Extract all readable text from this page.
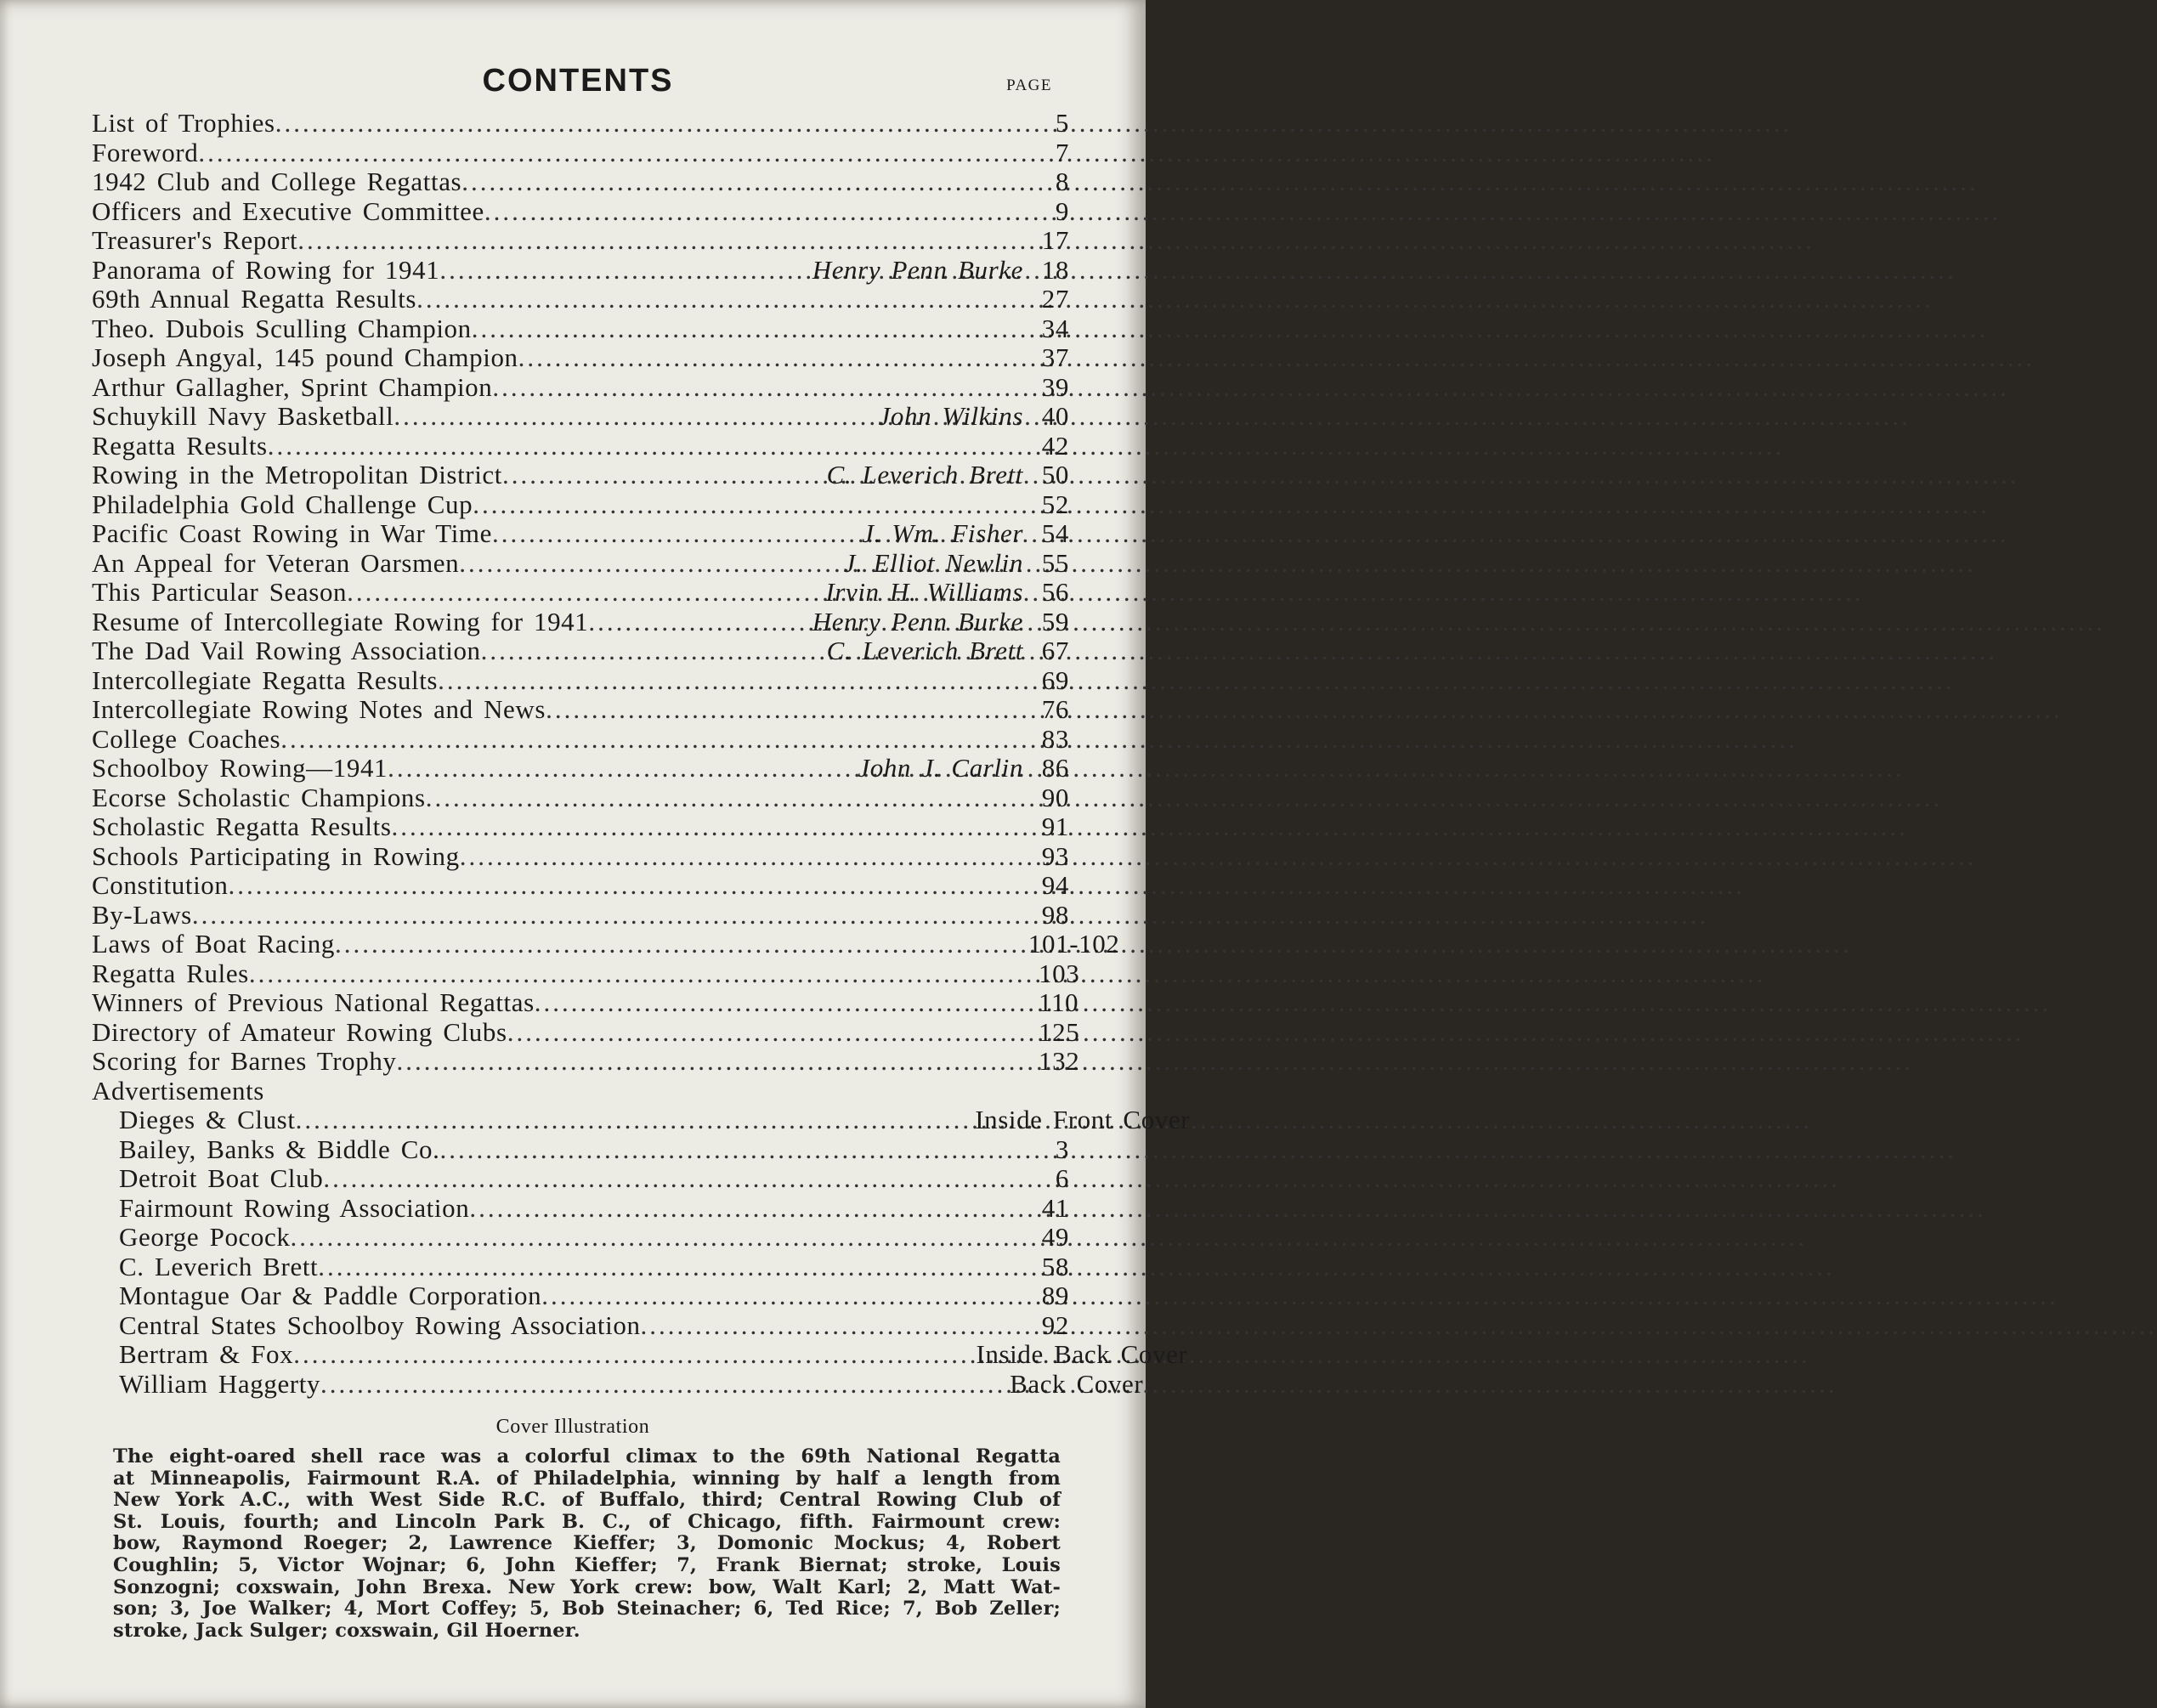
CONTENTS	PAGE
List of Trophies .....	5
Foreword .....	7
1942 Club and College Regattas .....	8
Officers and Executive Committee .....	9
Treasurer's Report .....	17
Panorama of Rowing for 1941 .....	Henry Penn Burke 18
69th Annual Regatta Results .....	27
Theo. Dubois Sculling Champion .....	34
Joseph Angyal, 145 pound Champion .....	37
Arthur Gallagher, Sprint Champion .....	39
Schuykill Navy Basketball .....	John Wilkins 40
Regatta Results .....	42
Rowing in the Metropolitan District .....	C. Leverich Brett 50
Philadelphia Gold Challenge Cup .....	52
Pacific Coast Rowing in War Time .....	J. Wm. Fisher 54
An Appeal for Veteran Oarsmen .....	J. Elliot Newlin 55
This Particular Season .....	Irvin H. Williams 56
Resume of Intercollegiate Rowing for 1941 .....	Henry Penn Burke 59
The Dad Vail Rowing Association .....	C. Leverich Brett 67
Intercollegiate Regatta Results .....	69
Intercollegiate Rowing Notes and News .....	76
College Coaches .....	83
Schoolboy Rowing—1941 .....	John J. Carlin 86
Ecorse Scholastic Champions .....	90
Scholastic Regatta Results .....	91
Schools Participating in Rowing .....	93
Constitution .....	94
By-Laws .....	98
Laws of Boat Racing .....	101-102
Regatta Rules .....	103
Winners of Previous National Regattas .....	110
Directory of Amateur Rowing Clubs .....	125
Scoring for Barnes Trophy .....	132
Advertisements
Dieges & Clust .....	Inside Front Cover
Bailey, Banks & Biddle Co. .....	3
Detroit Boat Club .....	6
Fairmount Rowing Association .....	41
George Pocock .....	49
C. Leverich Brett .....	58
Montague Oar & Paddle Corporation .....	89
Central States Schoolboy Rowing Association .....	92
Bertram & Fox .....	Inside Back Cover
William Haggerty .....	Back Cover
Cover Illustration
The eight-oared shell race was a colorful climax to the 69th National Regatta
at Minneapolis, Fairmount R.A. of Philadelphia, winning by half a length from
New York A.C., with West Side R.C. of Buffalo, third; Central Rowing Club of
St. Louis, fourth; and Lincoln Park B. C., of Chicago, fifth. Fairmount crew:
bow, Raymond Roeger; 2, Lawrence Kieffer; 3, Domonic Mockus; 4, Robert
Coughlin; 5, Victor Wojnar; 6, John Kieffer; 7, Frank Biernat; stroke, Louis
Sonzogni; coxswain, John Brexa. New York crew: bow, Walt Karl; 2, Matt Wat-
son; 3, Joe Walker; 4, Mort Coffey; 5, Bob Steinacher; 6, Ted Rice; 7, Bob Zeller;
stroke, Jack Sulger; coxswain, Gil Hoerner.
